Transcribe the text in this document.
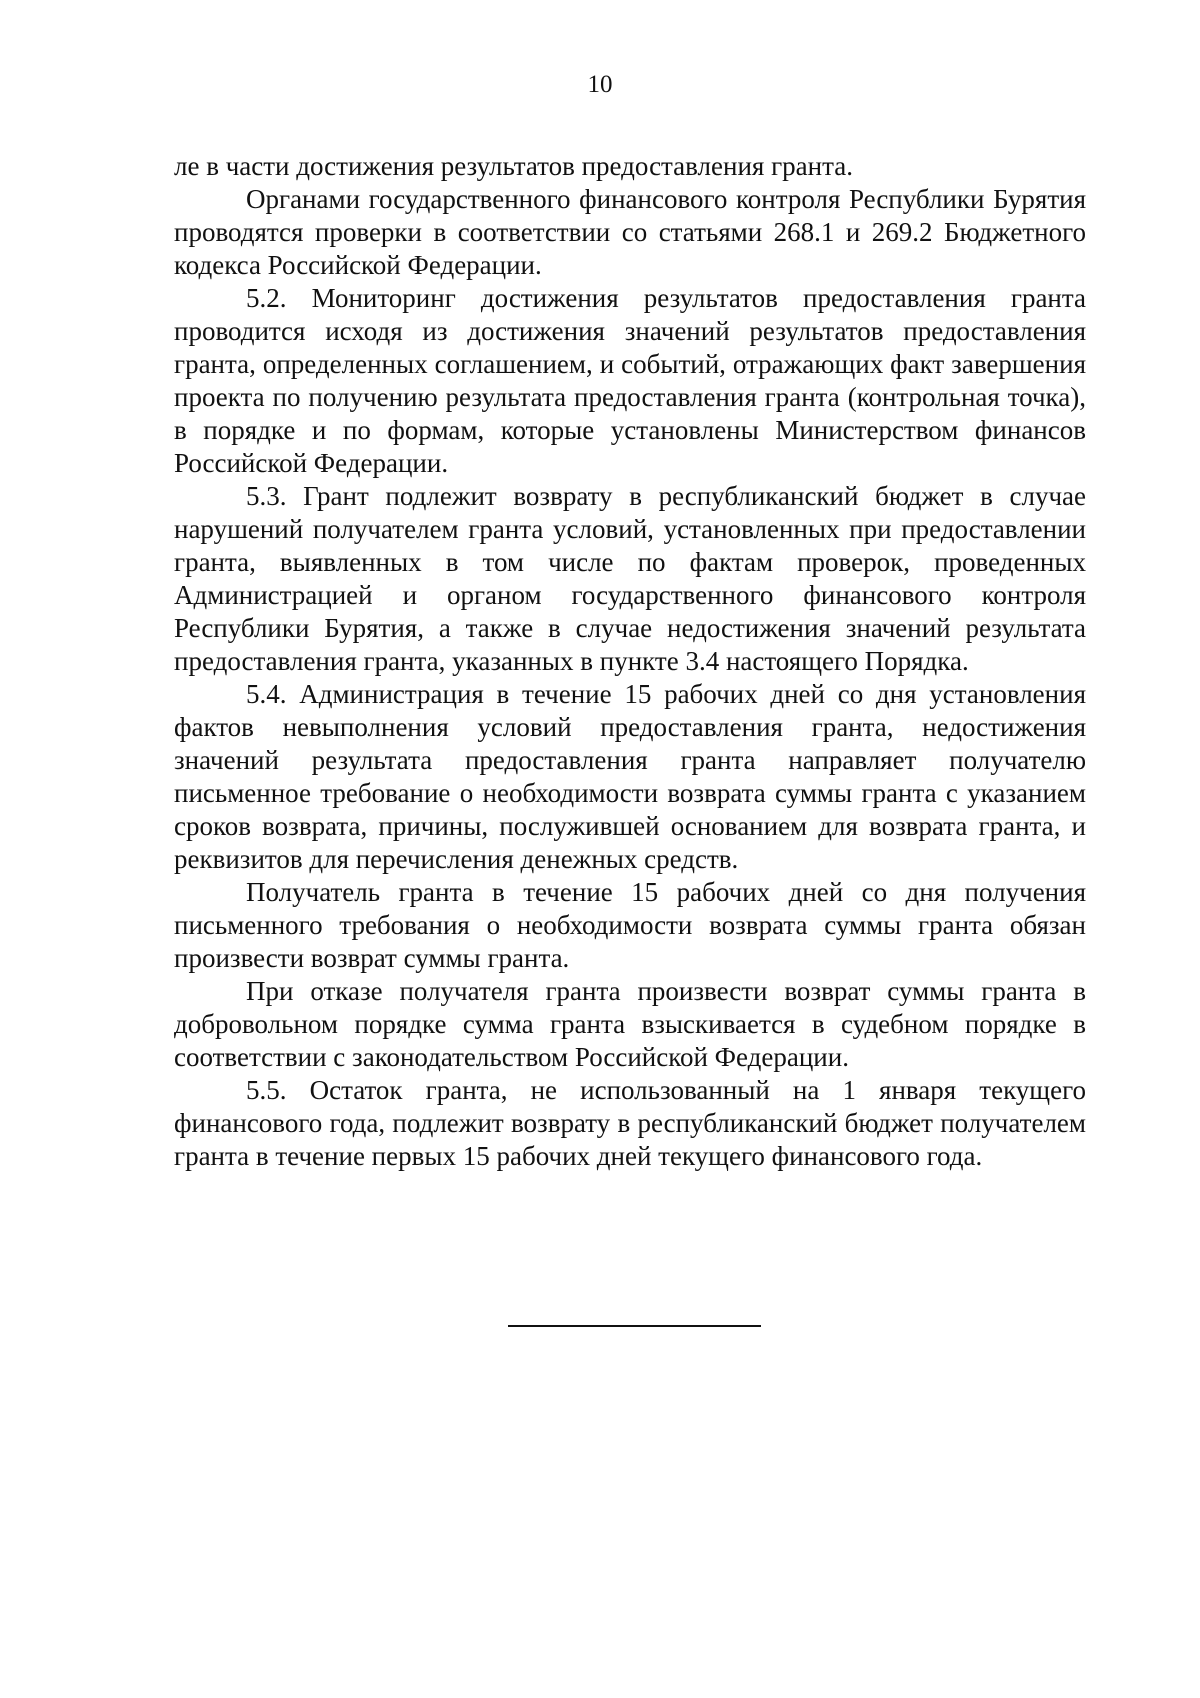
10

ле в части достижения результатов предоставления гранта.

Органами государственного финансового контроля Республики Бурятия проводятся проверки в соответствии со статьями 268.1 и 269.2 Бюджетного кодекса Российской Федерации.

5.2. Мониторинг достижения результатов предоставления гранта проводится исходя из достижения значений результатов предоставления гранта, определенных соглашением, и событий, отражающих факт завершения проекта по получению результата предоставления гранта (контрольная точка), в порядке и по формам, которые установлены Министерством финансов Российской Федерации.

5.3. Грант подлежит возврату в республиканский бюджет в случае нарушений получателем гранта условий, установленных при предоставлении гранта, выявленных в том числе по фактам проверок, проведенных Администрацией и органом государственного финансового контроля Республики Бурятия, а также в случае недостижения значений результата предоставления гранта, указанных в пункте 3.4 настоящего Порядка.

5.4. Администрация в течение 15 рабочих дней со дня установления фактов невыполнения условий предоставления гранта, недостижения значений результата предоставления гранта направляет получателю письменное требование о необходимости возврата суммы гранта с указанием сроков возврата, причины, послужившей основанием для возврата гранта, и реквизитов для перечисления денежных средств.

Получатель гранта в течение 15 рабочих дней со дня получения письменного требования о необходимости возврата суммы гранта обязан произвести возврат суммы гранта.

При отказе получателя гранта произвести возврат суммы гранта в добровольном порядке сумма гранта взыскивается в судебном порядке в соответствии с законодательством Российской Федерации.

5.5. Остаток гранта, не использованный на 1 января текущего финансового года, подлежит возврату в республиканский бюджет получателем гранта в течение первых 15 рабочих дней текущего финансового года.
